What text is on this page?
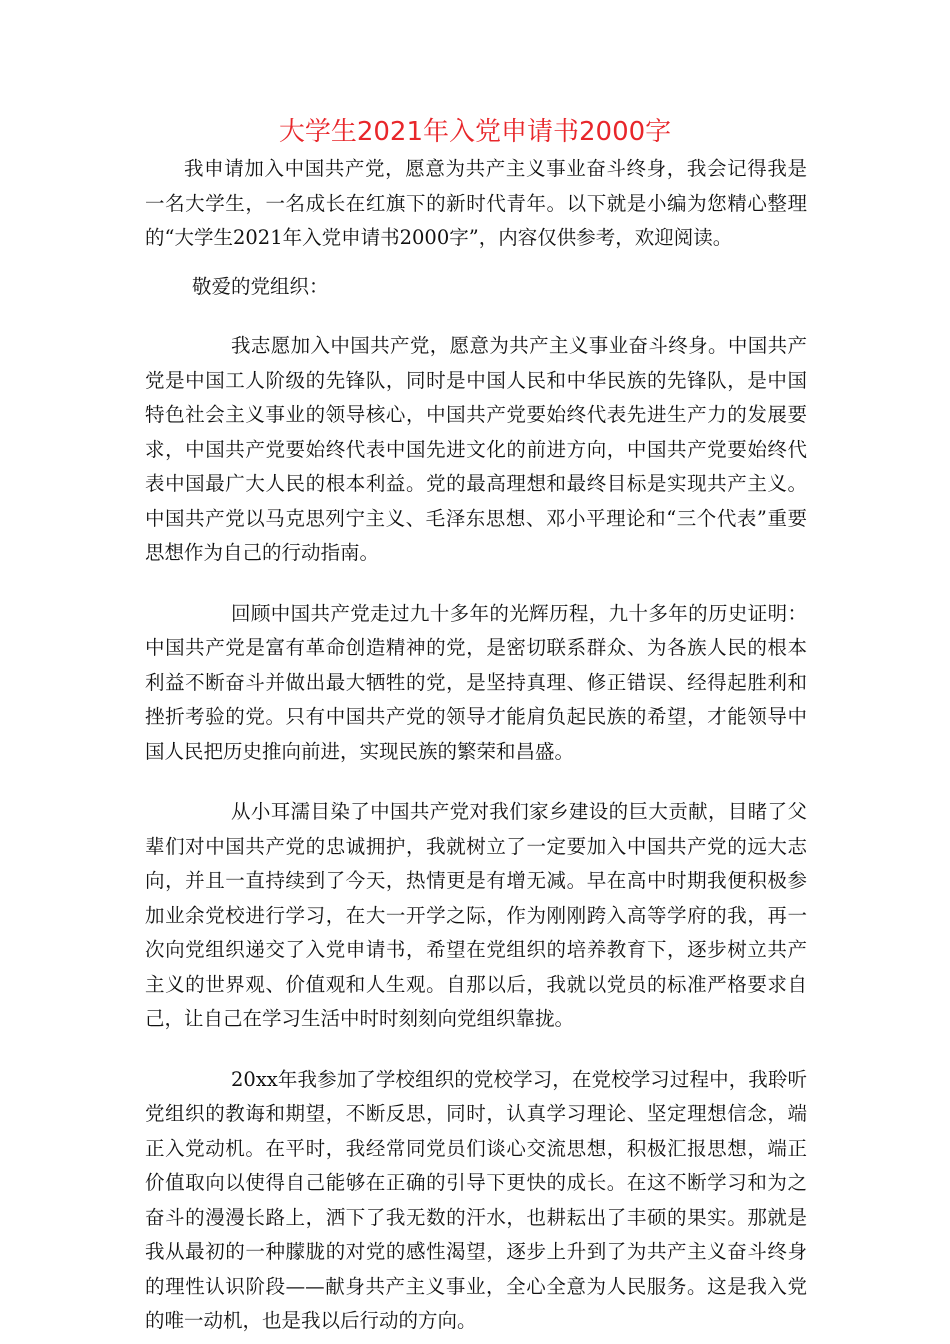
大学生2021年入党申请书2000字

我申请加入中国共产党，愿意为共产主义事业奋斗终身，我会记得我是一名大学生，一名成长在红旗下的新时代青年。以下就是小编为您精心整理的“大学生2021年入党申请书2000字”，内容仅供参考，欢迎阅读。

敬爱的党组织：

我志愿加入中国共产党，愿意为共产主义事业奋斗终身。中国共产党是中国工人阶级的先锋队，同时是中国人民和中华民族的先锋队，是中国特色社会主义事业的领导核心，中国共产党要始终代表先进生产力的发展要求，中国共产党要始终代表中国先进文化的前进方向，中国共产党要始终代表中国最广大人民的根本利益。党的最高理想和最终目标是实现共产主义。中国共产党以马克思列宁主义、毛泽东思想、邓小平理论和“三个代表”重要思想作为自己的行动指南。

回顾中国共产党走过九十多年的光辉历程，九十多年的历史证明：中国共产党是富有革命创造精神的党，是密切联系群众、为各族人民的根本利益不断奋斗并做出最大牺牲的党，是坚持真理、修正错误、经得起胜利和挫折考验的党。只有中国共产党的领导才能肩负起民族的希望，才能领导中国人民把历史推向前进，实现民族的繁荣和昌盛。

从小耳濡目染了中国共产党对我们家乡建设的巨大贡献，目睹了父辈们对中国共产党的忠诚拥护，我就树立了一定要加入中国共产党的远大志向，并且一直持续到了今天，热情更是有增无减。早在高中时期我便积极参加业余党校进行学习，在大一开学之际，作为刚刚跨入高等学府的我，再一次向党组织递交了入党申请书，希望在党组织的培养教育下，逐步树立共产主义的世界观、价值观和人生观。自那以后，我就以党员的标准严格要求自己，让自己在学习生活中时时刻刻向党组织靠拢。

20xx年我参加了学校组织的党校学习，在党校学习过程中，我聆听党组织的教诲和期望，不断反思，同时，认真学习理论、坚定理想信念，端正入党动机。在平时，我经常同党员们谈心交流思想，积极汇报思想，端正价值取向以使得自己能够在正确的引导下更快的成长。在这不断学习和为之奋斗的漫漫长路上，洒下了我无数的汗水，也耕耘出了丰硕的果实。那就是我从最初的一种朦胧的对党的感性渴望，逐步上升到了为共产主义奋斗终身的理性认识阶段——献身共产主义事业，全心全意为人民服务。这是我入党的唯一动机，也是我以后行动的方向。
